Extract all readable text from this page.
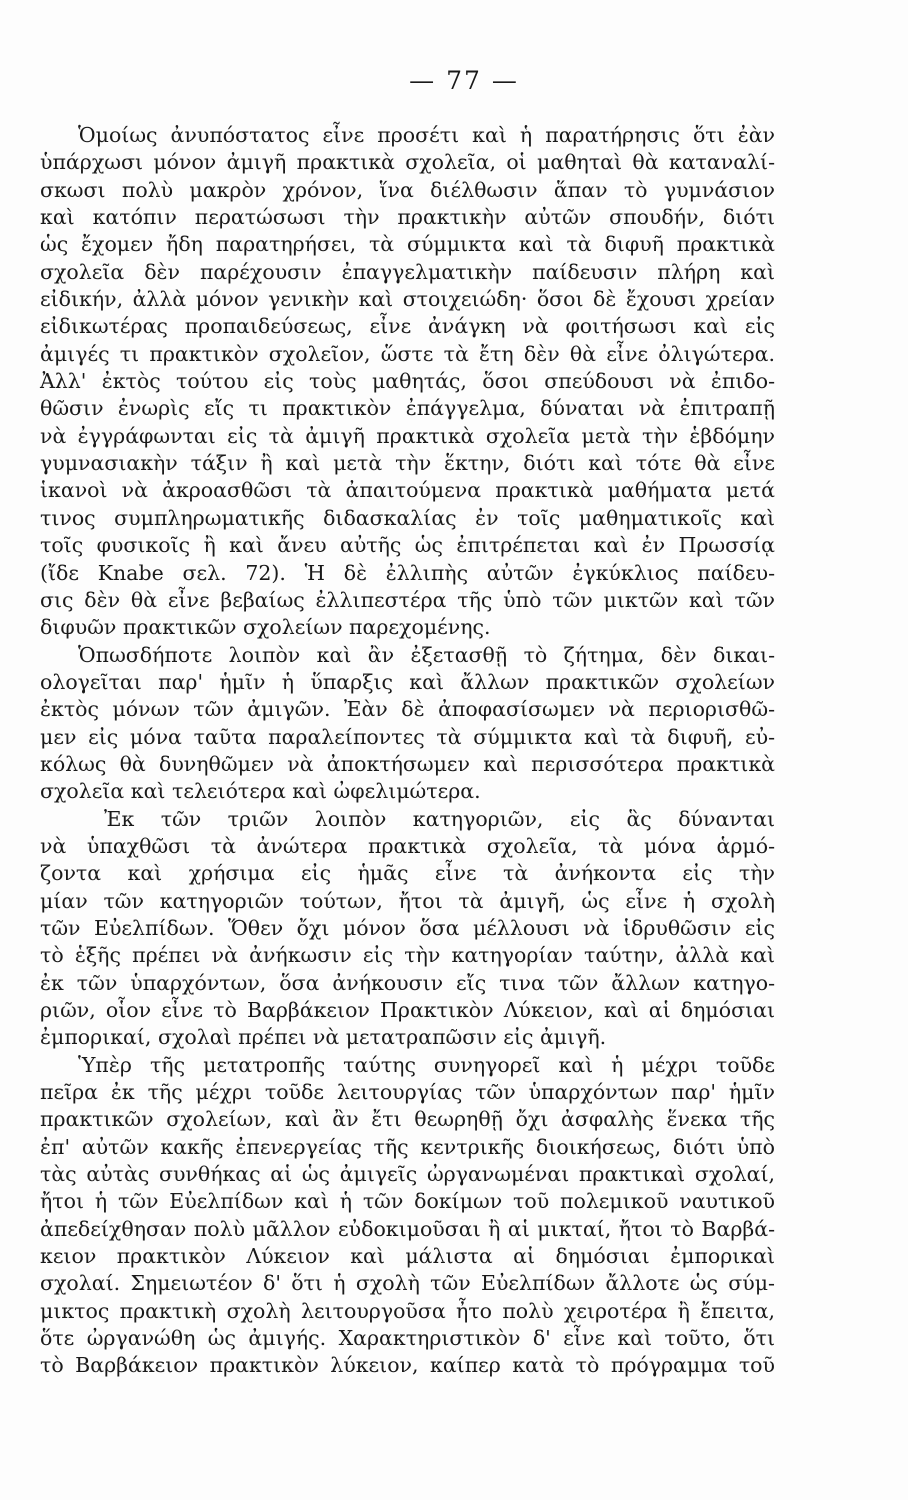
— 77 —
Ὁμοίως ἀνυπόστατος εἶνε προσέτι καὶ ἡ παρατήρησις ὅτι ἐὰν
ὑπάρχωσι μόνον ἀμιγῆ πρακτικὰ σχολεῖα, οἱ μαθηταὶ θὰ καταναλί-
σκωσι πολὺ μακρὸν χρόνον, ἵνα διέλθωσιν ἅπαν τὸ γυμνάσιον
καὶ κατόπιν περατώσωσι τὴν πρακτικὴν αὐτῶν σπουδήν, διότι
ὡς ἔχομεν ἤδη παρατηρήσει, τὰ σύμμικτα καὶ τὰ διφυῆ πρακτικὰ
σχολεῖα δὲν παρέχουσιν ἐπαγγελματικὴν παίδευσιν πλήρη καὶ
εἰδικήν, ἀλλὰ μόνον γενικὴν καὶ στοιχειώδη· ὅσοι δὲ ἔχουσι χρείαν
εἰδικωτέρας προπαιδεύσεως, εἶνε ἀνάγκη νὰ φοιτήσωσι καὶ εἰς
ἀμιγές τι πρακτικὸν σχολεῖον, ὥστε τὰ ἔτη δὲν θὰ εἶνε ὀλιγώτερα.
Ἀλλ' ἐκτὸς τούτου εἰς τοὺς μαθητάς, ὅσοι σπεύδουσι νὰ ἐπιδο-
θῶσιν ἐνωρὶς εἴς τι πρακτικὸν ἐπάγγελμα, δύναται νὰ ἐπιτραπῇ
νὰ ἐγγράφωνται εἰς τὰ ἀμιγῆ πρακτικὰ σχολεῖα μετὰ τὴν ἑβδόμην
γυμνασιακὴν τάξιν ἢ καὶ μετὰ τὴν ἕκτην, διότι καὶ τότε θὰ εἶνε
ἱκανοὶ νὰ ἀκροασθῶσι τὰ ἀπαιτούμενα πρακτικὰ μαθήματα μετά
τινος συμπληρωματικῆς διδασκαλίας ἐν τοῖς μαθηματικοῖς καὶ
τοῖς φυσικοῖς ἢ καὶ ἄνευ αὐτῆς ὡς ἐπιτρέπεται καὶ ἐν Πρωσσίᾳ
(ἴδε Knabe σελ. 72). Ἡ δὲ ἐλλιπὴς αὐτῶν ἐγκύκλιος παίδευ-
σις δὲν θὰ εἶνε βεβαίως ἐλλιπεστέρα τῆς ὑπὸ τῶν μικτῶν καὶ τῶν
διφυῶν πρακτικῶν σχολείων παρεχομένης.
Ὁπωσδήποτε λοιπὸν καὶ ἂν ἐξετασθῇ τὸ ζήτημα, δὲν δικαι-
ολογεῖται παρ' ἡμῖν ἡ ὕπαρξις καὶ ἄλλων πρακτικῶν σχολείων
ἐκτὸς μόνων τῶν ἀμιγῶν. Ἐὰν δὲ ἀποφασίσωμεν νὰ περιορισθῶ-
μεν εἰς μόνα ταῦτα παραλείποντες τὰ σύμμικτα καὶ τὰ διφυῆ, εὐ-
κόλως θὰ δυνηθῶμεν νὰ ἀποκτήσωμεν καὶ περισσότερα πρακτικὰ
σχολεῖα καὶ τελειότερα καὶ ὠφελιμώτερα.
Ἐκ τῶν τριῶν λοιπὸν κατηγοριῶν, εἰς ἃς δύνανται
νὰ ὑπαχθῶσι τὰ ἀνώτερα πρακτικὰ σχολεῖα, τὰ μόνα ἁρμό-
ζοντα καὶ χρήσιμα εἰς ἡμᾶς εἶνε τὰ ἀνήκοντα εἰς τὴν
μίαν τῶν κατηγοριῶν τούτων, ἤτοι τὰ ἀμιγῆ, ὡς εἶνε ἡ σχολὴ
τῶν Εὐελπίδων. Ὅθεν ὄχι μόνον ὅσα μέλλουσι νὰ ἱδρυθῶσιν εἰς
τὸ ἑξῆς πρέπει νὰ ἀνήκωσιν εἰς τὴν κατηγορίαν ταύτην, ἀλλὰ καὶ
ἐκ τῶν ὑπαρχόντων, ὅσα ἀνήκουσιν εἴς τινα τῶν ἄλλων κατηγο-
ριῶν, οἷον εἶνε τὸ Βαρβάκειον Πρακτικὸν Λύκειον, καὶ αἱ δημόσιαι
ἐμπορικαί, σχολαὶ πρέπει νὰ μετατραπῶσιν εἰς ἀμιγῆ.
Ὑπὲρ τῆς μετατροπῆς ταύτης συνηγορεῖ καὶ ἡ μέχρι τοῦδε
πεῖρα ἐκ τῆς μέχρι τοῦδε λειτουργίας τῶν ὑπαρχόντων παρ' ἡμῖν
πρακτικῶν σχολείων, καὶ ἂν ἔτι θεωρηθῇ ὄχι ἀσφαλὴς ἕνεκα τῆς
ἐπ' αὐτῶν κακῆς ἐπενεργείας τῆς κεντρικῆς διοικήσεως, διότι ὑπὸ
τὰς αὐτὰς συνθήκας αἱ ὡς ἀμιγεῖς ὠργανωμέναι πρακτικαὶ σχολαί,
ἤτοι ἡ τῶν Εὐελπίδων καὶ ἡ τῶν δοκίμων τοῦ πολεμικοῦ ναυτικοῦ
ἀπεδείχθησαν πολὺ μᾶλλον εὐδοκιμοῦσαι ἢ αἱ μικταί, ἤτοι τὸ Βαρβά-
κειον πρακτικὸν Λύκειον καὶ μάλιστα αἱ δημόσιαι ἐμπορικαὶ
σχολαί. Σημειωτέον δ' ὅτι ἡ σχολὴ τῶν Εὐελπίδων ἄλλοτε ὡς σύμ-
μικτος πρακτικὴ σχολὴ λειτουργοῦσα ἦτο πολὺ χειροτέρα ἢ ἔπειτα,
ὅτε ὠργανώθη ὡς ἀμιγής. Χαρακτηριστικὸν δ' εἶνε καὶ τοῦτο, ὅτι
τὸ Βαρβάκειον πρακτικὸν λύκειον, καίπερ κατὰ τὸ πρόγραμμα τοῦ
